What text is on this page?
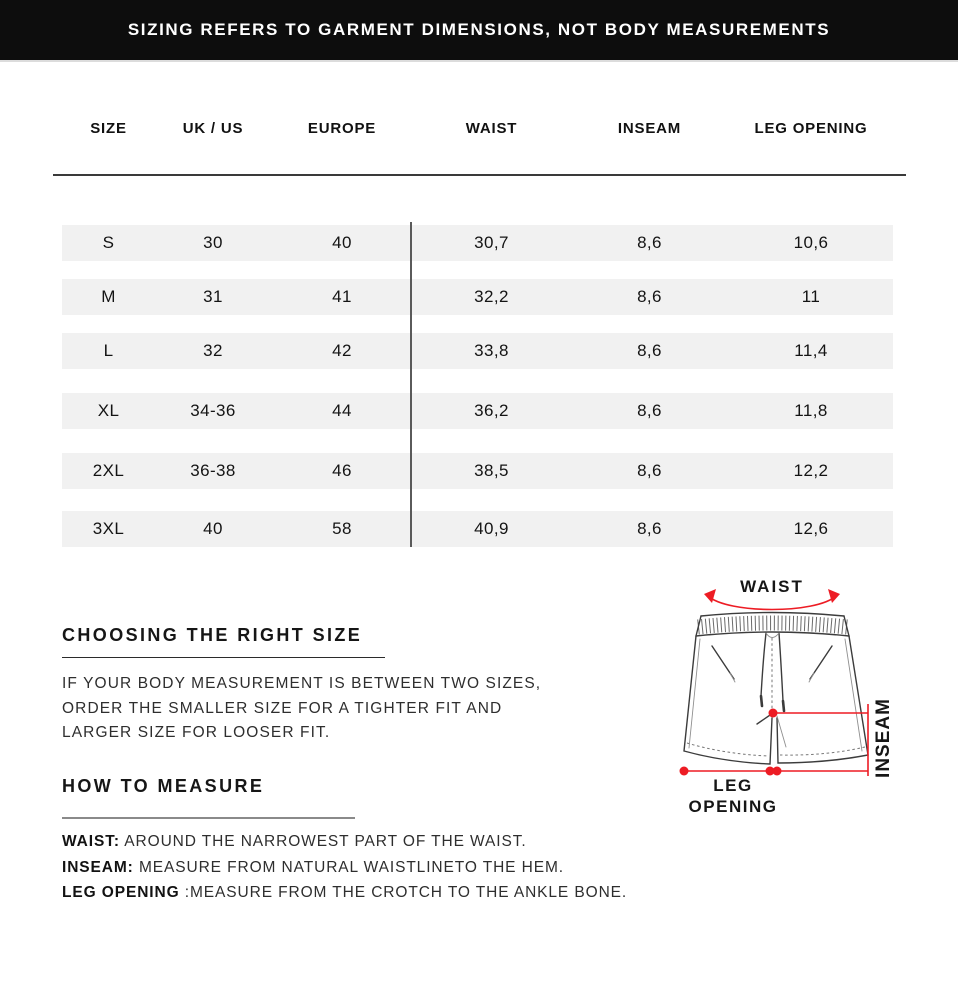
SIZING REFERS TO GARMENT DIMENSIONS, NOT BODY MEASUREMENTS
SIZE	UK / US	EUROPE	WAIST	INSEAM	LEG OPENING
S	30	40	30,7	8,6	10,6
M	31	41	32,2	8,6	11
L	32	42	33,8	8,6	11,4
XL	34-36	44	36,2	8,6	11,8
2XL	36-38	46	38,5	8,6	12,2
3XL	40	58	40,9	8,6	12,6
CHOOSING THE RIGHT SIZE
IF YOUR BODY MEASUREMENT IS BETWEEN TWO SIZES,
ORDER THE SMALLER SIZE FOR A TIGHTER FIT AND
LARGER SIZE FOR LOOSER FIT.
HOW TO MEASURE
WAIST: AROUND THE NARROWEST PART OF THE WAIST.
INSEAM: MEASURE FROM NATURAL WAISTLINETO THE HEM.
LEG OPENING :MEASURE FROM THE CROTCH TO THE ANKLE BONE.
WAIST
INSEAM
LEG
OPENING
